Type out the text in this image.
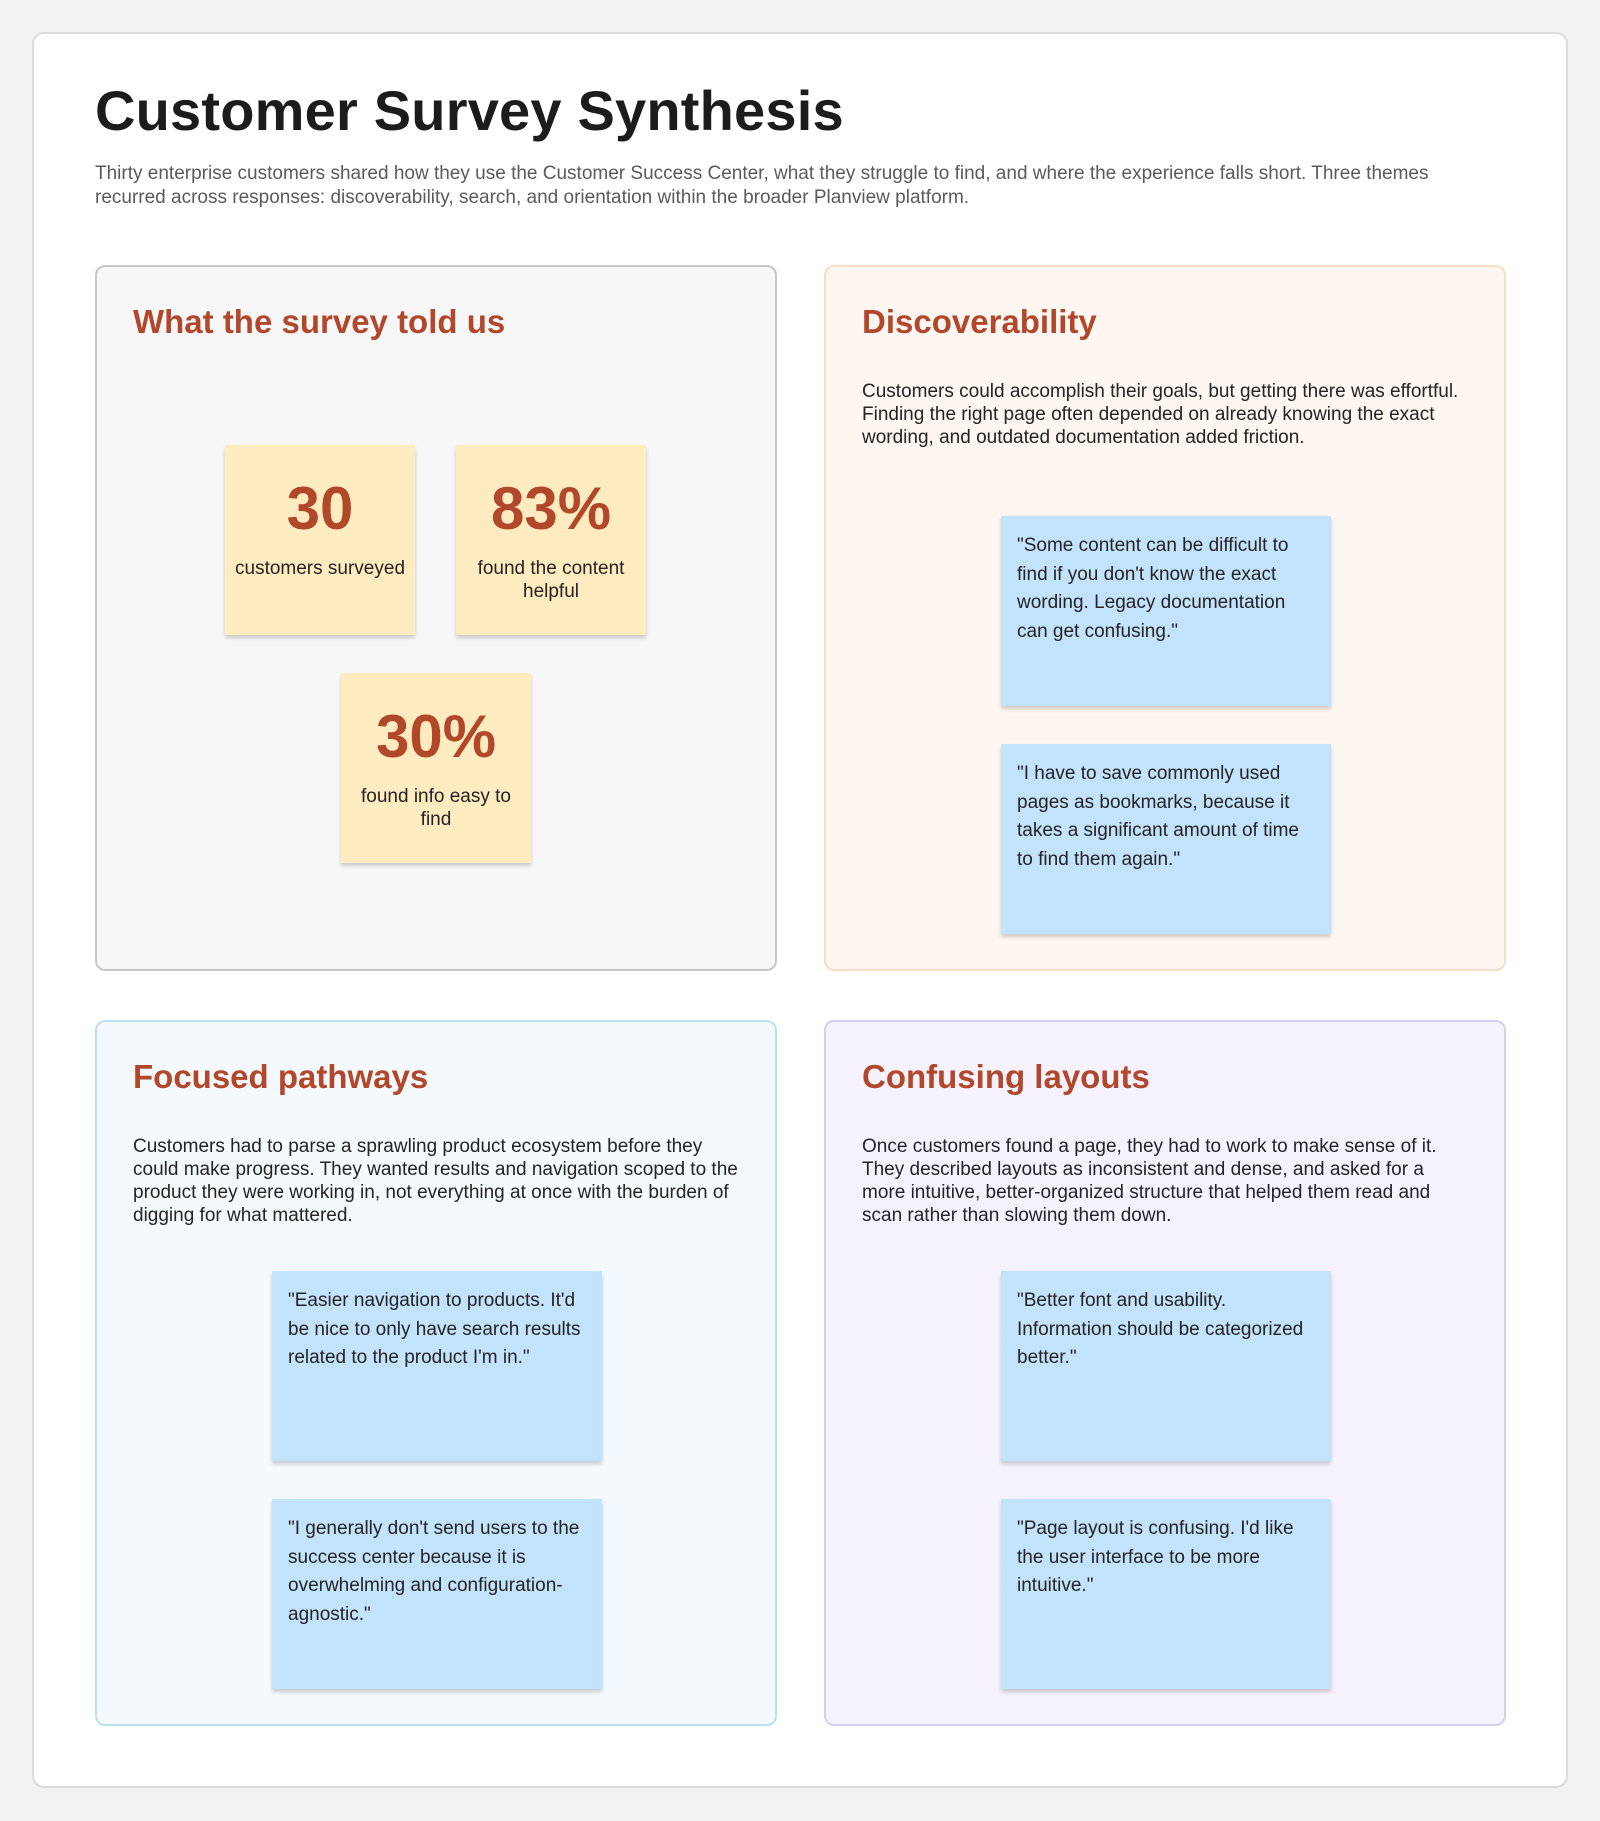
Customer Survey Synthesis

Thirty enterprise customers shared how they use the Customer Success Center, what they struggle to find, and where the experience falls short. Three themes recurred across responses: discoverability, search, and orientation within the broader Planview platform.

What the survey told us
30
customers surveyed
83%
found the content helpful
30%
found info easy to find
Discoverability

Customers could accomplish their goals, but getting there was effortful. Finding the right page often depended on already knowing the exact wording, and outdated documentation added friction.

"Some content can be difficult to find if you don't know the exact wording. Legacy documentation can get confusing."
"I have to save commonly used pages as bookmarks, because it takes a significant amount of time to find them again."
Focused pathways

Customers had to parse a sprawling product ecosystem before they could make progress. They wanted results and navigation scoped to the product they were working in, not everything at once with the burden of digging for what mattered.

"Easier navigation to products. It'd be nice to only have search results related to the product I'm in."
"I generally don't send users to the success center because it is overwhelming and configuration-agnostic."
Confusing layouts

Once customers found a page, they had to work to make sense of it. They described layouts as inconsistent and dense, and asked for a more intuitive, better-organized structure that helped them read and scan rather than slowing them down.

"Better font and usability. Information should be categorized better."
"Page layout is confusing. I'd like the user interface to be more intuitive."
